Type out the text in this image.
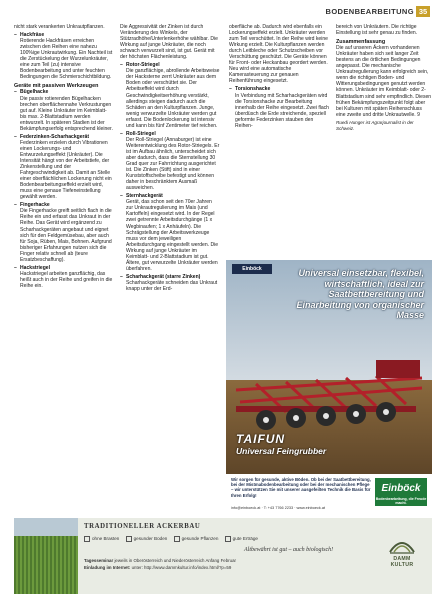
BODENBEARBEITUNG 35

nicht stark verankerten Unkrautpflanzen.

– Hackfräse

Rotierende Hackfräsen erreichen zwischen den Reihen eine nahezu 100%ige Unkrautwirkung. Ein Nachteil ist die Zerstückelung der Wurzelunkräuter, eine zum Teil (zu) intensive Bodenbearbeitung und unter feuchten Bedingungen die Schmierschichtbildung.

Geräte mit passiven Werkzeugen
– Bügelhacke

Die passiv rotierenden Bügelhacken brechen oberflächennahe Verkrustungen gut auf. Kleine Unkräuter im Keimblatt- bis max. 2-Blattstadium werden entwurzelt. In späteren Stadien ist der Bekämpfungserfolg entsprechend kleiner.

– Federzinken-Scharhackgerät

Federzinken erzielen durch Vibrationen einen Lockerungs- und Entwurzelungseffekt (Unkräuter). Die Intensität hängt von der Arbeitstiefe, der Zinkenstellung und der Fahrgeschwindigkeit ab. Damit an Stelle einer oberflächlichen Lockerung nicht ein Bodenbearbeitungseffekt erzielt wird, muss eine genaue Tiefeneinstellung gewählt werden.

– Fingerhacke

Die Fingerhacke greift seitlich flach in die Reihe ein und erfasst das Unkraut in der Reihe. Das Gerät wird ergänzend zu Scharhackgeräten angebaut und eignet sich für den Feldgemüsebau, aber auch für Soja, Rüben, Mais, Bohnen. Aufgrund bisheriger Erfahrungen nutzen sich die Finger relativ schnell ab (teure Ersatzbeschaffung).

– Hackstriegel

Hackstriegel arbeiten ganzflächig, das heißt auch in der Reihe und greifen in die Reihe ein.

Die Aggressivität der Zinken ist durch Veränderung des Winkels, der Stützradhöhe/Unterlenkerhöhe wählbar. Die Wirkung auf junge Unkräuter, die noch schwach verwurzelt sind, ist gut. Gerät mit der höchsten Flächenleistung.

– Rotor-Striegel

Die ganzflächige, abrollende Arbeitsweise der Hacksterne zerrt Unkräuter aus dem Boden oder verschüttet sie. Der Arbeitseffekt wird durch Geschwindigkeitserhöhung verstärkt, allerdings steigen dadurch auch die Schäden an den Kulturpflanzen. Junge, wenig verwurzelte Unkräuter werden gut erfasst. Die Bodenlockerung ist intensiv und kann bis fünf Zentimeter tief reichen.

– Roll-Striegel

Der Roll-Striegel (Annaburger) ist eine Weiterentwicklung des Rotor-Striegels. Er ist im Aufbau ähnlich, unterscheidet sich aber dadurch, dass die Sternstellung 30 Grad quer zur Fahrrichtung ausgerichtet ist. Die Zinken (Stift) sind in einer Kunststoffscheibe befestigt und können daher in beschränktem Ausmaß ausweichen.

– Sternhackgerät

Gerät, das schon seit den 70er Jahren zur Unkrautregulierung im Mais (und Kartoffeln) eingesetzt wird. In der Regel zwei getrennte Arbeitsdurchgänge (1 x Wegbinaufen; 1 x Anhäufeln). Die Schrägstellung der Arbeitswerkzeuge muss vor dem jeweiligen Arbeitsdurchgang eingestellt werden. Die Wirkung auf junge Unkräuter im Keimblatt- und 2-Blattstadium ist gut. Ältere, gut verwurzelte Unkräuter werden überfahren.

– Scharhackgerät (starre Zinken)

Scharhackgeräte schneiden das Unkraut knapp unter der Erd-

oberfläche ab. Dadurch wird ebenfalls ein Lockerungseffekt erzielt. Unkräuter werden zum Teil verschüttet. In der Reihe wird keine Wirkung erzielt. Die Kulturpflanzen werden durch Leitbleche oder Schutzscheiben vor Verschüttung geschützt. Die Geräte können für Front- oder Heckanbau geordert werden. Neu wird eine automatische Kamerasteuerung zur genauen Reihenführung eingesetzt.

– Torsionshacke

In Verbindung mit Scharhackgeräten wird die Torsionshacke zur Bearbeitung innerhalb der Reihe eingesetzt. Zwei flach überdüsch die Erde streichende, speziell geformte Federzinken stauben den Reihen-

bereich von Unkräutern. Die richtige Einstellung ist sehr genau zu finden.

Zusammenfassung

Die auf unseren Äckern vorhandenen Unkräuter haben sich seit langer Zeit bestens an die örtlichen Bedingungen angepasst. Die mechanische Unkrautregulierung kann erfolgreich sein, wenn die richtigen Boden- und Witterungsbedingungen genutzt werden können. Unkräuter im Keimblatt- oder 2-Blattstadium sind sehr empfindlich. Diesen frühen Bekämpfungszeitpunkt folgt aber bei Kulturen mit späten Reihenschluss eine zweite und dritte Unkrautwelle. 9

Ruedi Hunger ist Agrarjournalist in der Schweiz.

Einböck	Universal einsetzbar, flexibel, wirtschaftlich, ideal zur Saatbettbereitung und Einarbeitung von organischer Masse
TAIFUN
Universal Feingrubber
Wir sorgen für gesunde, aktive Böden. Ob bei der Saatbettbereitung, bei der Mistmabodenbearbeitung oder bei der mechanischen Pflege – wir unterstützen Sie mit unserer ausgefeilten Technik die Basis für Ihren Erfolg!
info@einboeck.at · T: +43 7766 2233 · www.einboeck.at
Einböck
Bodenbearbeitung, die Freude macht.
TRADITIONELLER ACKERBAU
ohne Brasten	gesunder Boden	gesunde Pflanzen	gute Erträge
Altbewährt ist gut – auch biologisch!
Tagesseminar jeweils in Oberösterreich und Niederösterreich Anfang Februar
Einladung im Internet: unter: http://www.dammkultur.info/index.html/?p=59
DAMM KULTUR
